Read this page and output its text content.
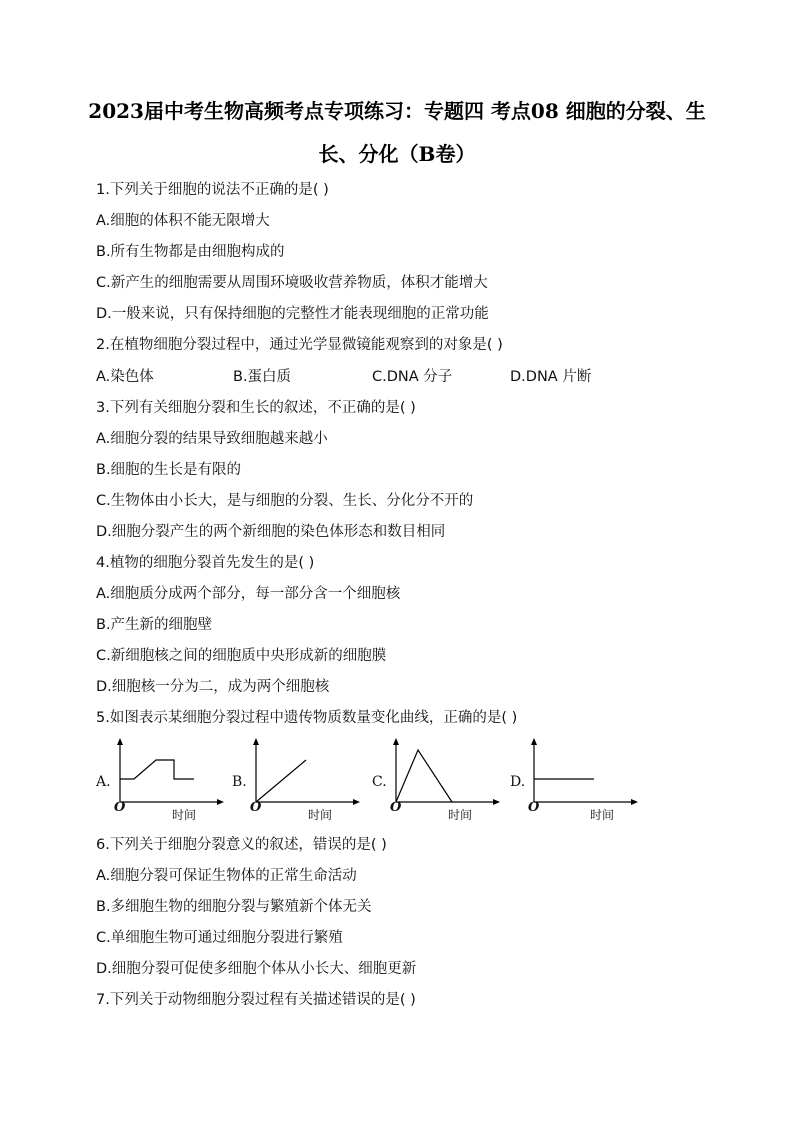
2023届中考生物高频考点专项练习：专题四 考点08 细胞的分裂、生
长、分化（B卷）
1.下列关于细胞的说法不正确的是( )
A.细胞的体积不能无限增大
B.所有生物都是由细胞构成的
C.新产生的细胞需要从周围环境吸收营养物质，体积才能增大
D.一般来说，只有保持细胞的完整性才能表现细胞的正常功能
2.在植物细胞分裂过程中，通过光学显微镜能观察到的对象是( )
A.染色体	B.蛋白质	C.DNA 分子	D.DNA 片断
3.下列有关细胞分裂和生长的叙述，不正确的是( )
A.细胞分裂的结果导致细胞越来越小
B.细胞的生长是有限的
C.生物体由小长大，是与细胞的分裂、生长、分化分不开的
D.细胞分裂产生的两个新细胞的染色体形态和数目相同
4.植物的细胞分裂首先发生的是( )
A.细胞质分成两个部分，每一部分含一个细胞核
B.产生新的细胞壁
C.新细胞核之间的细胞质中央形成新的细胞膜
D.细胞核一分为二，成为两个细胞核
5.如图表示某细胞分裂过程中遗传物质数量变化曲线，正确的是( )
A.
O	时间
B.
O	时间
C.
O	时间
D.
O	时间
6.下列关于细胞分裂意义的叙述，错误的是( )
A.细胞分裂可保证生物体的正常生命活动
B.多细胞生物的细胞分裂与繁殖新个体无关
C.单细胞生物可通过细胞分裂进行繁殖
D.细胞分裂可促使多细胞个体从小长大、细胞更新
7.下列关于动物细胞分裂过程有关描述错误的是( )
